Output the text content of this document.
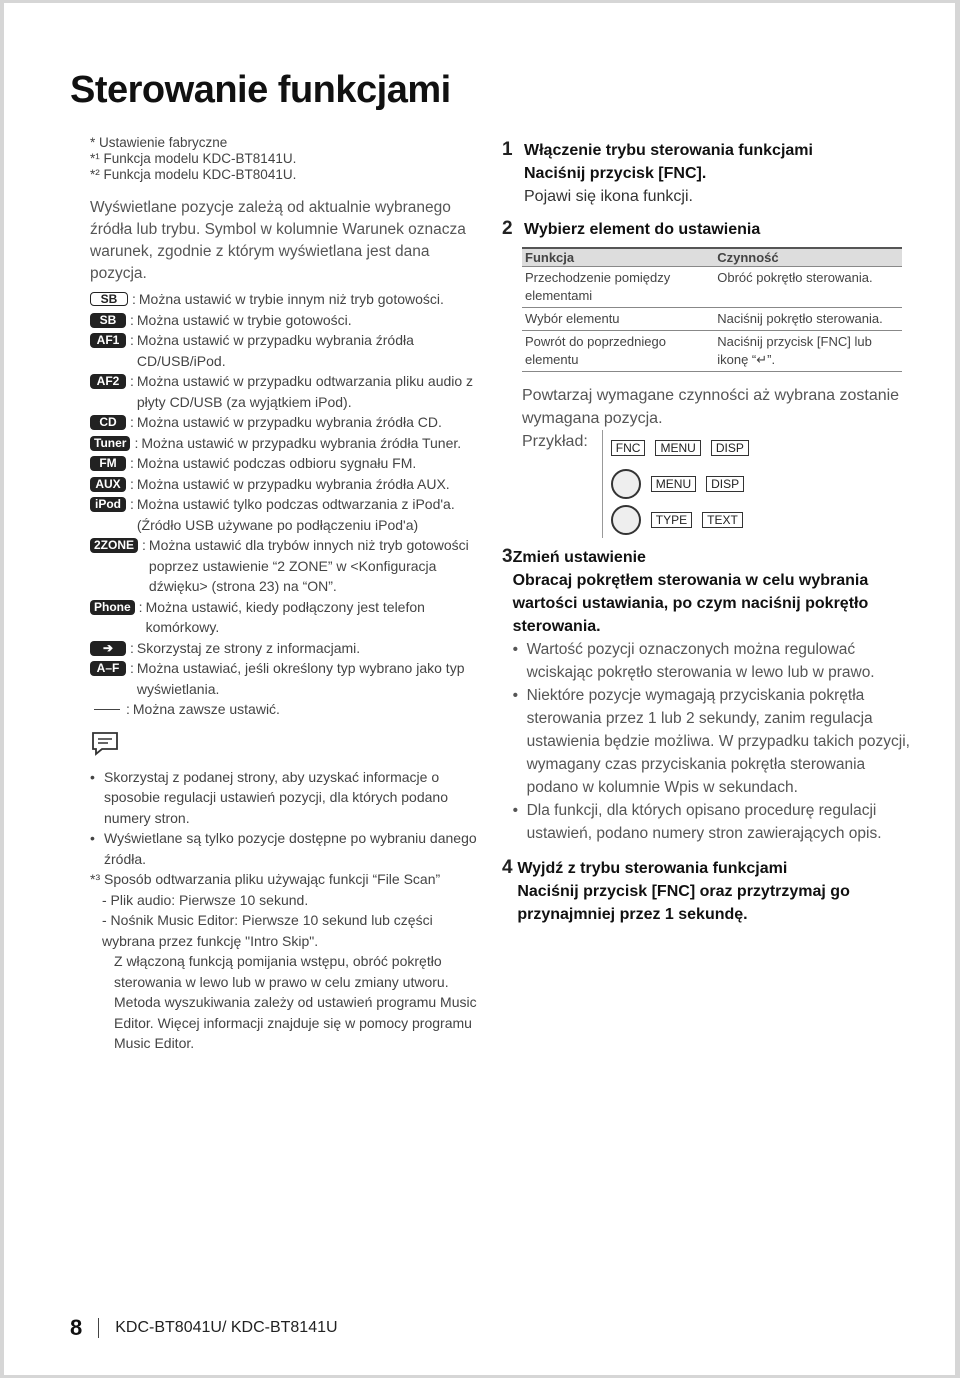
Sterowanie funkcjami

* Ustawienie fabryczne

*¹ Funkcja modelu KDC-BT8141U.

*² Funkcja modelu KDC-BT8041U.

Wyświetlane pozycje zależą od aktualnie wybranego źródła lub trybu. Symbol w kolumnie Warunek oznacza warunek, zgodnie z którym wyświetlana jest dana pozycja.

SB	: Można ustawić w trybie innym niż tryb gotowości.
SB : Można ustawić w trybie gotowości.
AF1 : Można ustawić w przypadku wybrania źródła CD/USB/iPod.
AF2 : Można ustawić w przypadku odtwarzania pliku audio z płyty CD/USB (za wyjątkiem iPod).
CD : Można ustawić w przypadku wybrania źródła CD.
Tuner : Można ustawić w przypadku wybrania źródła Tuner.
FM : Można ustawić podczas odbioru sygnału FM.
AUX : Można ustawić w przypadku wybrania źródła AUX.
iPod : Można ustawić tylko podczas odtwarzania z iPod'a. (Źródło USB używane po podłączeniu iPod'a)
2ZONE : Można ustawić dla trybów innych niż tryb gotowości poprzez ustawienie “2 ZONE” w <Konfiguracja dźwięku> (strona 23) na “ON”.
Phone : Można ustawić, kiedy podłączony jest telefon komórkowy.
➔	: Skorzystaj ze strony z informacjami.
A–F : Można ustawiać, jeśli określony typ wybrano jako typ wyświetlania.
: Można zawsze ustawić.
• Skorzystaj z podanej strony, aby uzyskać informacje o sposobie regulacji ustawień pozycji, dla których podano numery stron.
• Wyświetlane są tylko pozycje dostępne po wybraniu danego źródła.
*³ Sposób odtwarzania pliku używając funkcji “File Scan”
- Plik audio: Pierwsze 10 sekund.
- Nośnik Music Editor: Pierwsze 10 sekund lub części wybrana przez funkcję "Intro Skip".
Z włączoną funkcją pomijania wstępu, obróć pokrętło sterowania w lewo lub w prawo w celu zmiany utworu. Metoda wyszukiwania zależy od ustawień programu Music Editor. Więcej informacji znajduje się w pomocy programu Music Editor.
1 Włączenie trybu sterowania funkcjami
Naciśnij przycisk [FNC].
Pojawi się ikona funkcji.
2 Wybierz element do ustawienia
Funkcja	Czynność
Przechodzenie pomiędzy elementami	Obróć pokrętło sterowania.
Wybór elementu	Naciśnij pokrętło sterowania.
Powrót do poprzedniego elementu	Naciśnij przycisk [FNC] lub ikonę “↵”.
Powtarzaj wymagane czynności aż wybrana zostanie wymagana pozycja.
Przykład:	FNC	MENU	DISP
MENU	DISP
TYPE	TEXT
3 Zmień ustawienie
Obracaj pokrętłem sterowania w celu wybrania wartości ustawiania, po czym naciśnij pokrętło sterowania.
• Wartość pozycji oznaczonych można regulować wciskając pokrętło sterowania w lewo lub w prawo.
• Niektóre pozycje wymagają przyciskania pokrętła sterowania przez 1 lub 2 sekundy, zanim regulacja ustawienia będzie możliwa. W przypadku takich pozycji, wymagany czas przyciskania pokrętła sterowania podano w kolumnie Wpis w sekundach.
• Dla funkcji, dla których opisano procedurę regulacji ustawień, podano numery stron zawierających opis.
4 Wyjdź z trybu sterowania funkcjami
Naciśnij przycisk [FNC] oraz przytrzymaj go przynajmniej przez 1 sekundę.
8 KDC-BT8041U/ KDC-BT8141U
